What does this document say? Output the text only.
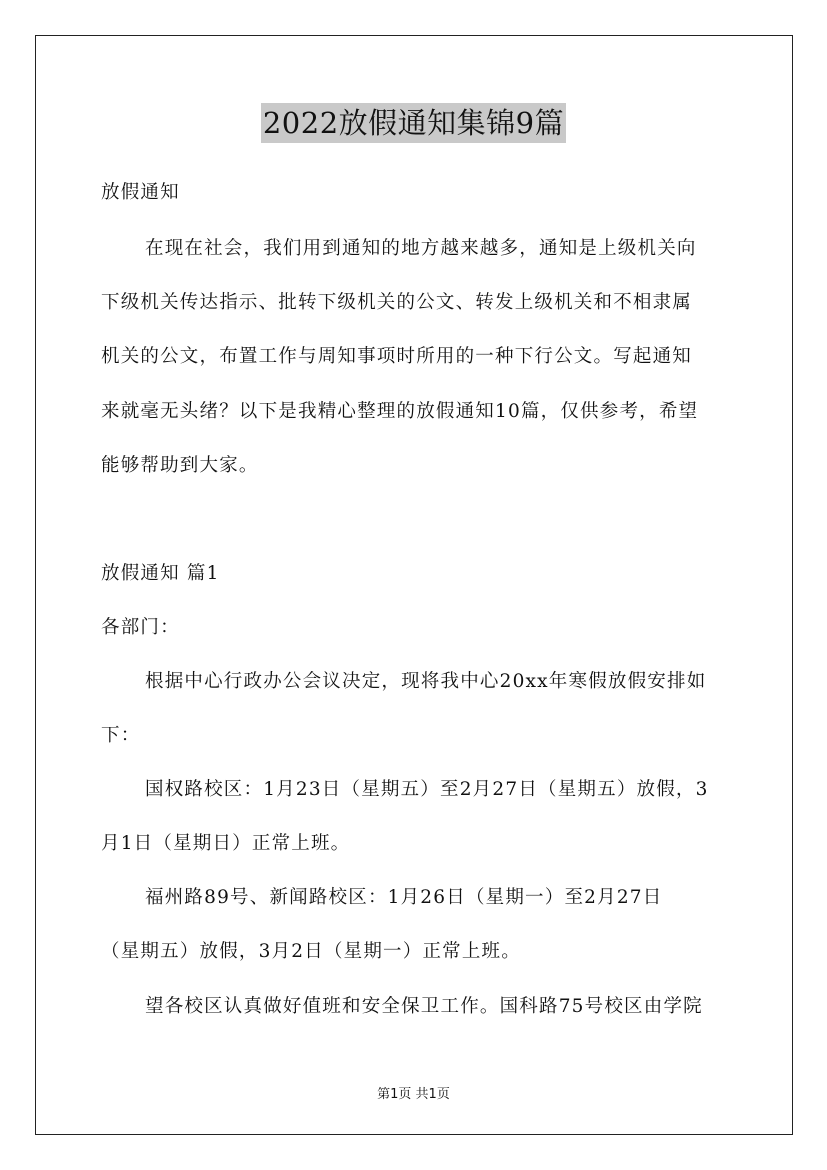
2022放假通知集锦9篇
放假通知
在现在社会，我们用到通知的地方越来越多，通知是上级机关向
下级机关传达指示、批转下级机关的公文、转发上级机关和不相隶属
机关的公文，布置工作与周知事项时所用的一种下行公文。写起通知
来就毫无头绪？以下是我精心整理的放假通知10篇，仅供参考，希望
能够帮助到大家。
放假通知 篇1
各部门：
根据中心行政办公会议决定，现将我中心20xx年寒假放假安排如
下：
国权路校区：1月23日（星期五）至2月27日（星期五）放假，3
月1日（星期日）正常上班。
福州路89号、新闻路校区：1月26日（星期一）至2月27日
（星期五）放假，3月2日（星期一）正常上班。
望各校区认真做好值班和安全保卫工作。国科路75号校区由学院
第1页 共1页
